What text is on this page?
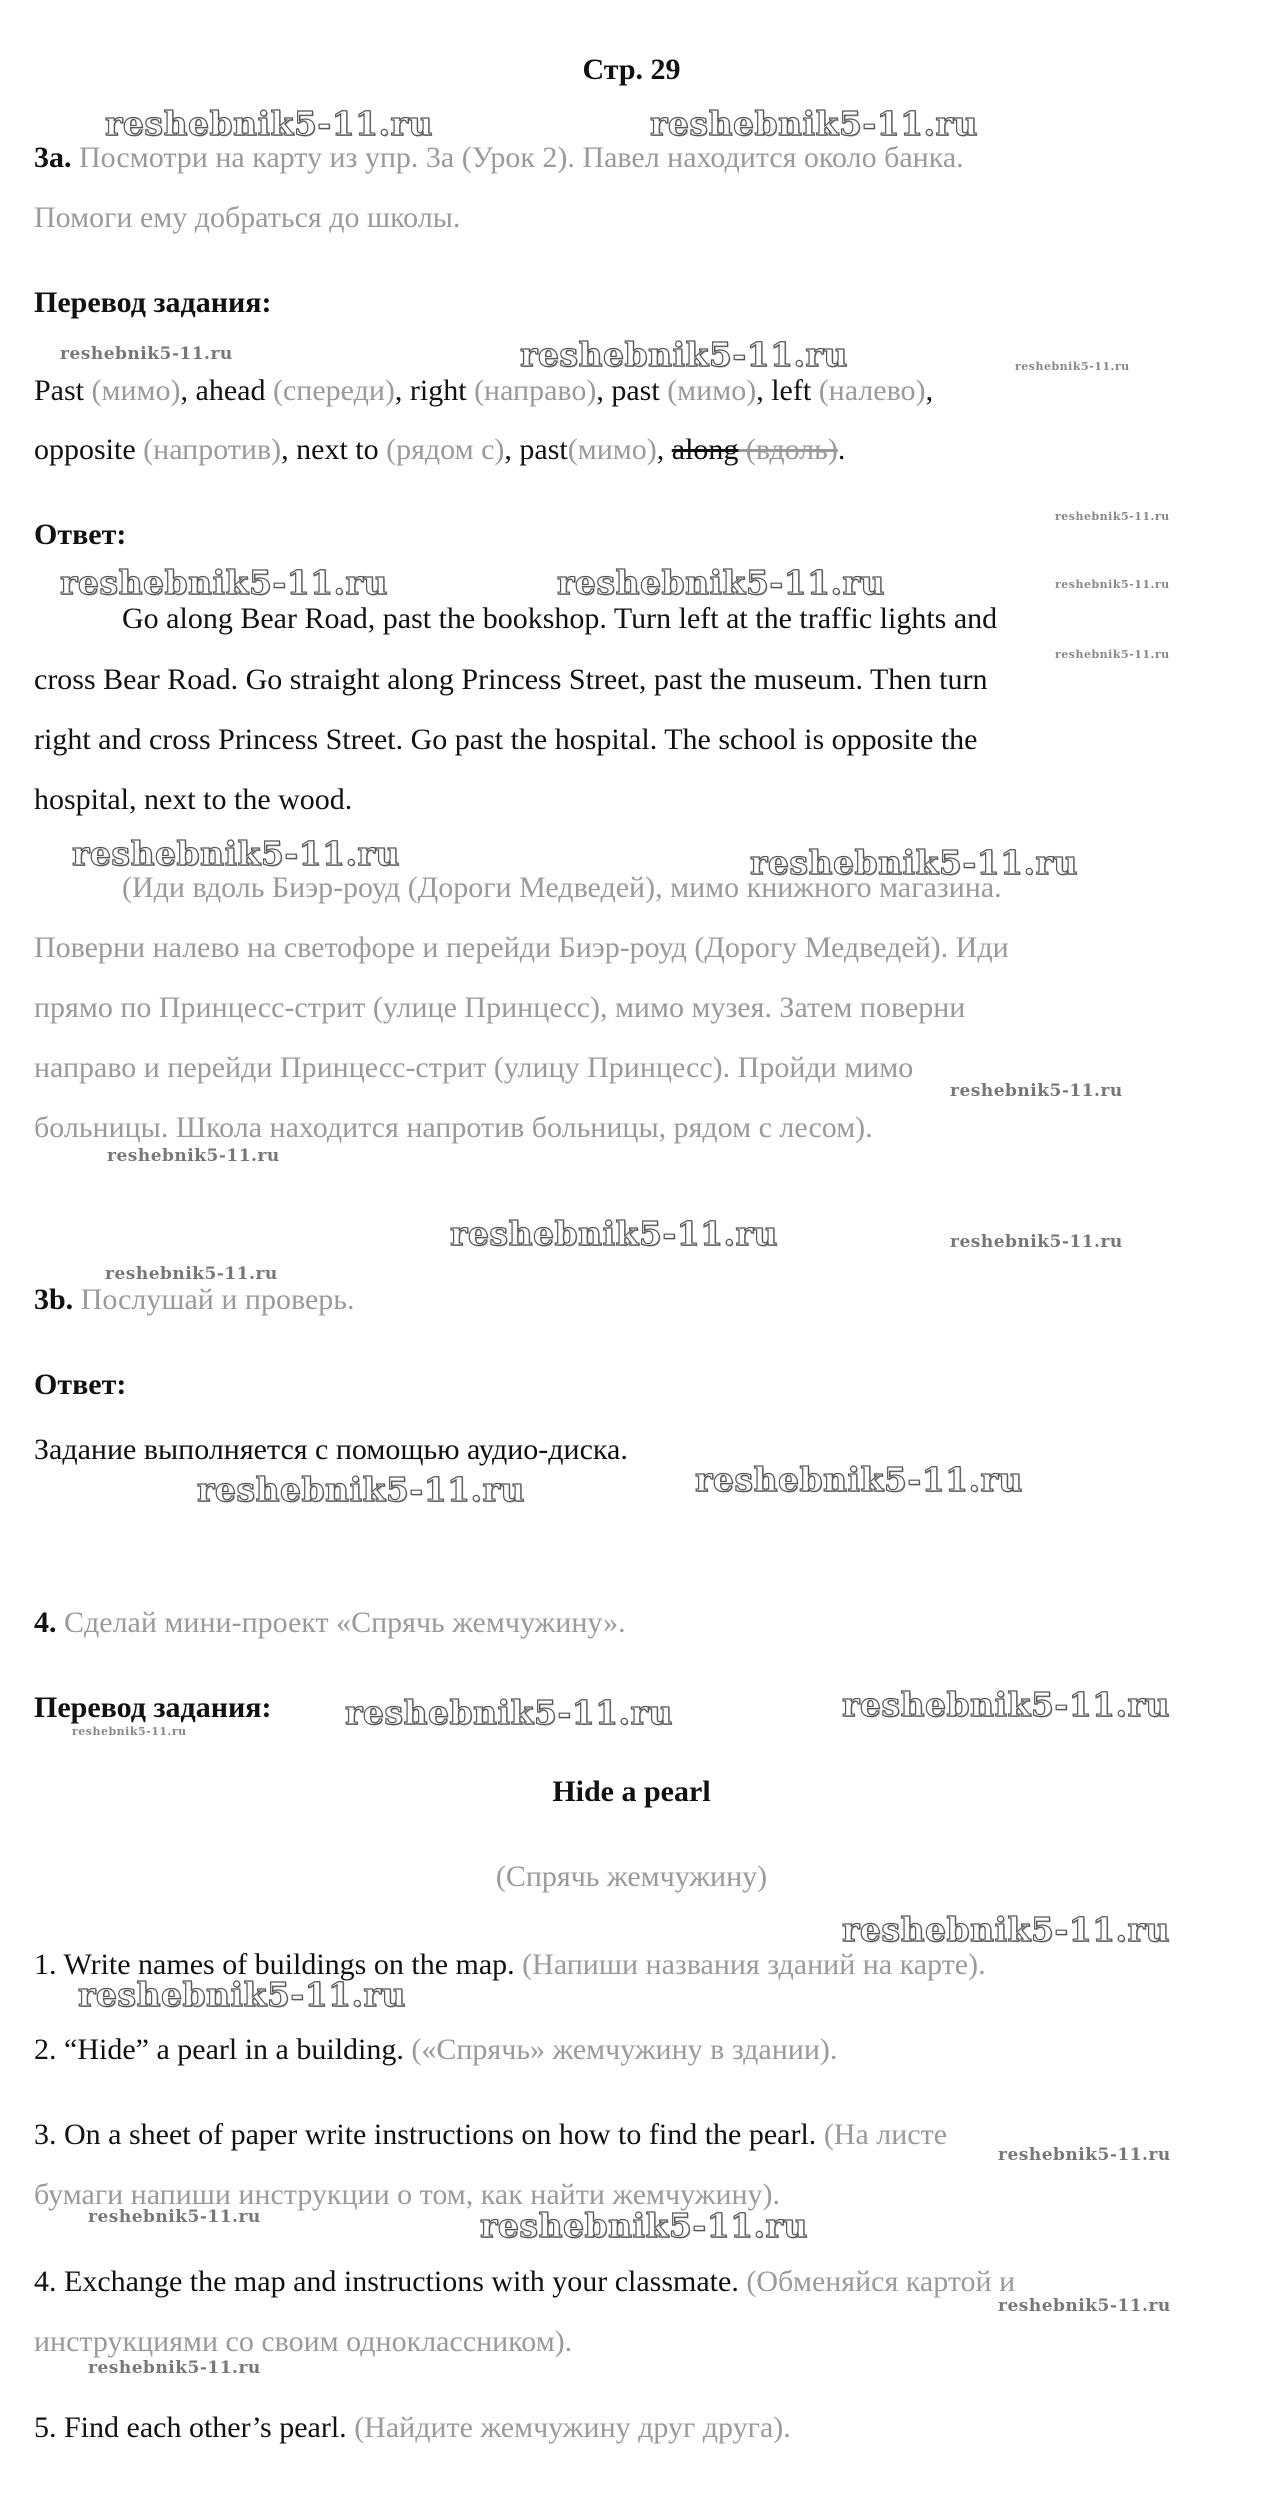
Стр. 29
3a. Посмотри на карту из упр. 3a (Урок 2). Павел находится около банка.
Помоги ему добраться до школы.
Перевод задания:
Past (мимо), ahead (спереди), right (направо), past (мимо), left (налево),
opposite (напротив), next to (рядом с), past(мимо), along (вдоль).
Ответ:
Go along Bear Road, past the bookshop. Turn left at the traffic lights and
cross Bear Road. Go straight along Princess Street, past the museum. Then turn
right and cross Princess Street. Go past the hospital. The school is opposite the
hospital, next to the wood.
(Иди вдоль Биэр-роуд (Дороги Медведей), мимо книжного магазина.
Поверни налево на светофоре и перейди Биэр-роуд (Дорогу Медведей). Иди
прямо по Принцесс-стрит (улице Принцесс), мимо музея. Затем поверни
направо и перейди Принцесс-стрит (улицу Принцесс). Пройди мимо
больницы. Школа находится напротив больницы, рядом с лесом).
3b. Послушай и проверь.
Ответ:
Задание выполняется с помощью аудио-диска.
4. Сделай мини-проект «Спрячь жемчужину».
Перевод задания:
Hide a pearl
(Спрячь жемчужину)
1. Write names of buildings on the map. (Напиши названия зданий на карте).
2. “Hide” a pearl in a building. («Спрячь» жемчужину в здании).
3. On a sheet of paper write instructions on how to find the pearl. (На листе
бумаги напиши инструкции о том, как найти жемчужину).
4. Exchange the map and instructions with your classmate. (Обменяйся картой и
инструкциями со своим одноклассником).
5. Find each other’s pearl. (Найдите жемчужину друг друга).
reshebnik5-11.ru	reshebnik5-11.ru
reshebnik5-11.ru	reshebnik5-11.ru	reshebnik5-11.ru
reshebnik5-11.ru
reshebnik5-11.ru	reshebnik5-11.ru	reshebnik5-11.ru
reshebnik5-11.ru
reshebnik5-11.ru	reshebnik5-11.ru
reshebnik5-11.ru
reshebnik5-11.ru
reshebnik5-11.ru	reshebnik5-11.ru
reshebnik5-11.ru
reshebnik5-11.ru	reshebnik5-11.ru
reshebnik5-11.ru	reshebnik5-11.ru
reshebnik5-11.ru
reshebnik5-11.ru
reshebnik5-11.ru
reshebnik5-11.ru
reshebnik5-11.ru	reshebnik5-11.ru
reshebnik5-11.ru
reshebnik5-11.ru
